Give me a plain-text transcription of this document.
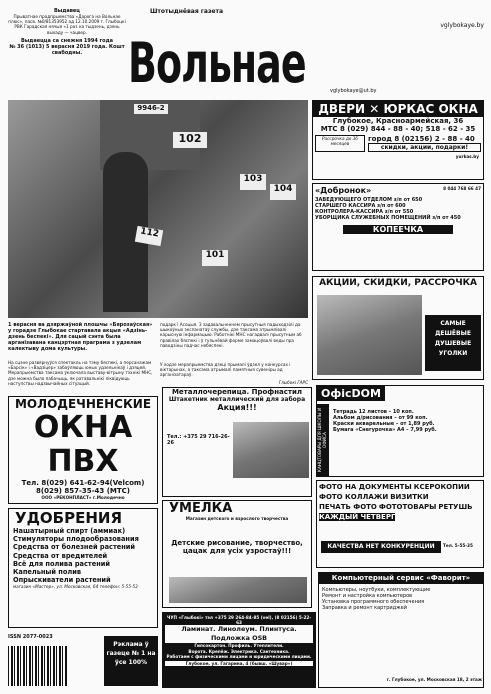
Выдавец
Прыватнае прадпрыемства «Дарога на Вольнае плюс», пасв. №0/81353952 ад 12.10.2009 г. Глыбоцкі РВК Гарадская нячыя «1 раз на тыдзень, дзень выхаду — чацвер.
Выдаецца са снежня 1994 года
№ 36 (1013) 5 верасня 2019 года. Кошт свабодны.
Штотыднёвая газета
vglybokaye.by
Вольнае	vglybokaye@ut.by
102
9946-2
101
103
104
112
1 верасня ва дзяржаўной плошчы «Бярозаўская» у горадзе Глыбокае стартавала акцыя «Адзінь-дзень беспекі». Для сацый сэнта была арганізавана канцэртная праграма з удзелам калектыву дома культуры.
На сцэне развярнуўся спектакль на тэму бяспекі, а персанажам «Барсік» і «Вадзіцер» забаўляюць юных удзельнікаў і дзяцей. Мерапрыемства таксама ўключала выставу-вітрыну тэхнікі МНС, дзе можна было пабачыць, як ратавальнікі ліквідуюць наступствы надзвычайных сітуацый.
подарк і Асоцыя. З задавальненнем прысутныя падыходзілі да шыкоўных экспанатаў службы, дзе таксама атрымлівалі карысную інфармацыю. Работнікі МНС нагадвалі прысутным аб правілах бяспекі і ў гульнёвай форме замацоўвалі веды пра паводзіны падчас небяспекі.
У ходзе мерапрыемства дзеці прымалі ўдзел у конкурсах і віктарынах, а таксама атрымалі памятныя сувеніры ад арганізатараў.
Глыбокі ГАРС
ДВЕРИ ✕ ЮРКАС ОКНА
Глубокое, Красноармейская, 36
МТС 8 (029) 844 - 88 - 40; 518 - 62 - 35
Рассрочка до 36 месяцев
город 8 (02156) 2 - 88 - 40
скидки, акции, подарки!
yurkas.by
«Добронок»	8 044 768 66 47
ЗАВЕДУЮЩЕГО ОТДЕЛОМ з/п от 650
СТАРШЕГО КАССИРА з/п от 600
КОНТРОЛЕРА-КАССИРА з/п от 550
УБОРЩИКА СЛУЖЕБНЫХ ПОМЕЩЕНИЙ з/п от 450
КОПЕЕЧКА
АКЦИИ, СКИДКИ, РАССРОЧКА
САМЫЕ ДЕШЁВЫЕ ДУШЕВЫЕ УГОЛКИ
МОЛОДЕЧНЕНСКИЕ
ОКНА ПВХ
Тел. 8(029) 641-62-94(Velcom)
8(029) 857-35-43 (МТС)
ООО «РЕКОНПЛАСТ» г.Молодечно
Металлочерепица. Профнастил
Штакетник металлический для забора
Акция!!!
Тел.: +375 29 716-26-26
ОфісDOM
КАНЦТОВАРЫ ДЛЯ ШКОЛЫ И ОФИСА
Тетрадь 12 листов – 10 коп.
Альбом д/рисования – от 99 коп.
Краски акварельные – от 1,89 руб.
Бумага «Снегурочка» А4 – 7,99 руб.
УДОБРЕНИЯ
Нашатырный спирт (аммиак)
Стимуляторы плодообразования
Средства от болезней растений
Средства от вредителей
Всё для полива растений
Капельный полив
Опрыскиватели растений
магазин «Мастер», ул. Московская, 64 телефон: 5-55-53
УМЕЛКА
Магазин детского и взрослого творчества
Детские рисование, творчество, цацак для усіх узростаў!!!
ФОТО НА ДОКУМЕНТЫ КСЕРОКОПИИ
ФОТО КОЛЛАЖИ ВИЗИТКИ
ПЕЧАТЬ ФОТО ФОТОТОВАРЫ РЕТУШЬ
КАЖДЫЙ ЧЕТВЕРГ
КАЧЕСТВА НЕТ КОНКУРЕНЦИИ	Тел. 5-55-35
ЧУП «Глыбокі» тэл +375 29 264-84-85 (vel), (8 02156) 5-22-63
Ламинат. Линолеум. Плинтуса. Подложка OSB
Гипсокартон. Профиль. Утеплители.
Ворота. Крепёж. Электрика. Сантехника.
Работаем с физическими лицами и юридическими лицами.
Глубокое, ул. Гагарина, 4 (бывш. «Шувар»)
Компьютерный сервис «Фаворит»
Компьютеры, ноутбуки, комплектующие
Ремонт и настройка компьютеров
Установка программного обеспечения
Заправка и ремонт картриджей
г. Глубокое, ул. Московская 18, 2 этаж
ISSN 2077-0023
Рэклама ў газеце № 1 на ўсе 100%
